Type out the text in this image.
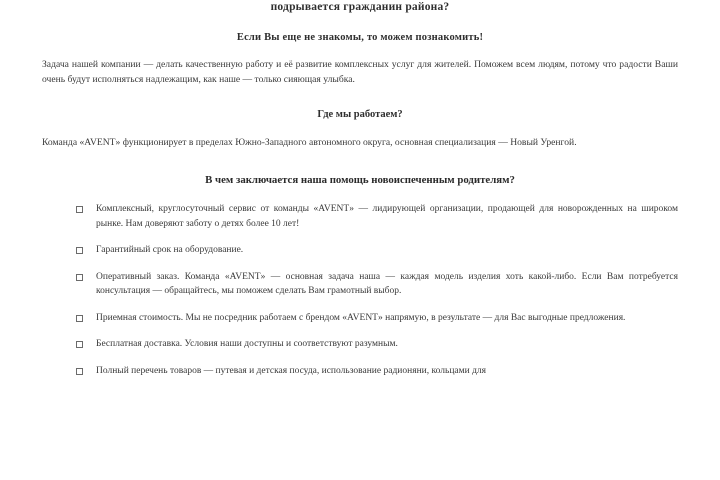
подрывается гражданин района?
Если Вы еще не знакомы, то можем познакомить!
Задача нашей компании — делать качественную работу и её развитие комплексных услуг для жителей. Поможем всем людям, потому что радости Ваши очень будут исполняться надлежащим, как наше — только сияющая улыбка.
Где мы работаем?
Команда «AVENT» функционирует в пределах Южно-Западного автономного округа, основная специализация — Новый Уренгой.
В чем заключается наша помощь новоиспеченным родителям?
Комплексный, круглосуточный сервис от команды «AVENT» — лидирующей организации, продающей для новорожденных на широком рынке. Нам доверяют заботу о детях более 10 лет!
Гарантийный срок на оборудование.
Оперативный заказ. Команда «AVENT» — основная задача наша — каждая модель изделия хоть какой-либо. Если Вам потребуется консультация — обращайтесь, мы поможем сделать Вам грамотный выбор.
Приемная стоимость. Мы не посредник работаем с брендом «AVENT» напрямую, в результате — для Вас выгодные предложения.
Бесплатная доставка. Условия наши доступны и соответствуют разумным.
Полный перечень товаров — путевая и детская посуда, использование радионяни, кольцами для
